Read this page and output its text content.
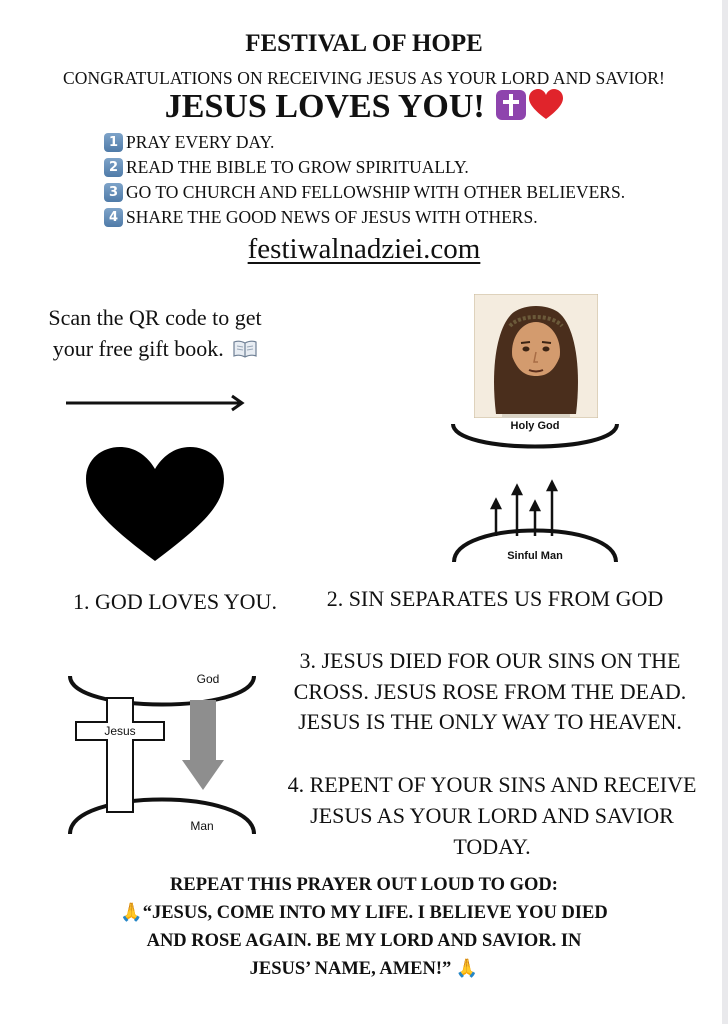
FESTIVAL OF HOPE
CONGRATULATIONS ON RECEIVING JESUS AS YOUR LORD AND SAVIOR!
JESUS LOVES YOU!
1 PRAY EVERY DAY.
2 READ THE BIBLE TO GROW SPIRITUALLY.
3 GO TO CHURCH AND FELLOWSHIP WITH OTHER BELIEVERS.
4 SHARE THE GOOD NEWS OF JESUS WITH OTHERS.
festiwalnadziei.com
Scan the QR code to get
your free gift book.
Holy God
Sinful Man
1. GOD LOVES YOU.	2. SIN SEPARATES US FROM GOD
God
Man
Jesus
3. JESUS DIED FOR OUR SINS ON THE
CROSS. JESUS ROSE FROM THE DEAD.
JESUS IS THE ONLY WAY TO HEAVEN.
4. REPENT OF YOUR SINS AND RECEIVE
JESUS AS YOUR LORD AND SAVIOR
TODAY.
REPEAT THIS PRAYER OUT LOUD TO GOD:
🙏“JESUS, COME INTO MY LIFE. I BELIEVE YOU DIED
AND ROSE AGAIN. BE MY LORD AND SAVIOR. IN
JESUS’ NAME, AMEN!” 🙏
